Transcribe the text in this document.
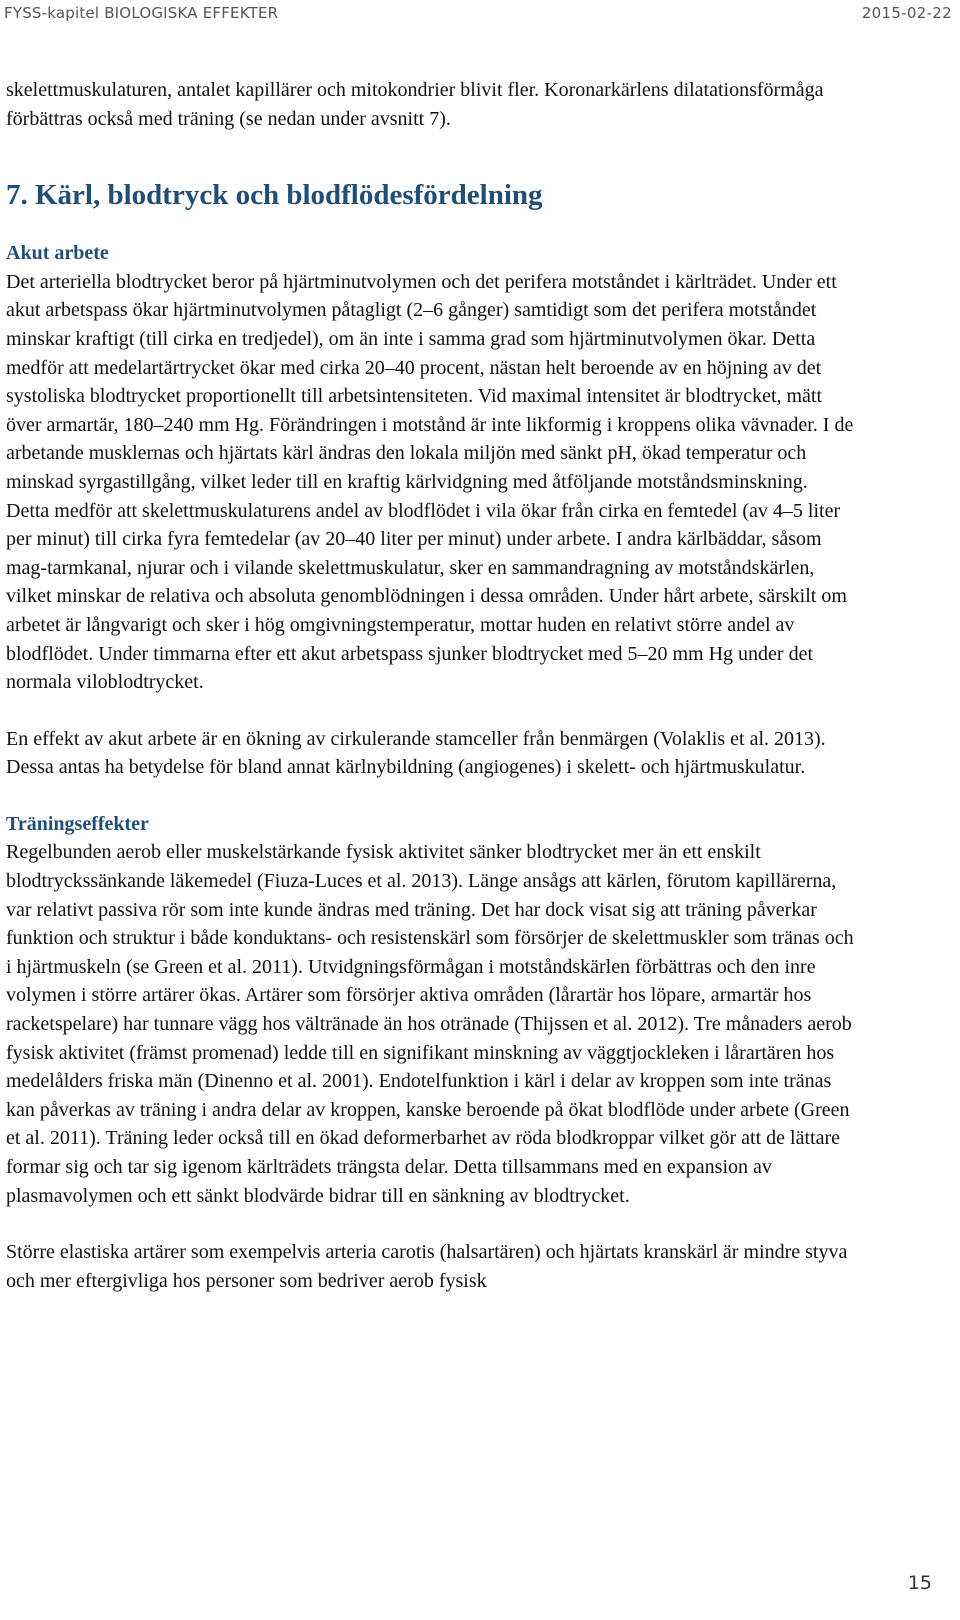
FYSS-kapitel BIOLOGISKA EFFEKTER	2015-02-22

skelettmuskulaturen, antalet kapillärer och mitokondrier blivit fler. Koronarkärlens dilatationsförmåga förbättras också med träning (se nedan under avsnitt 7).

7. Kärl, blodtryck och blodflödesfördelning

Akut arbete

Det arteriella blodtrycket beror på hjärtminutvolymen och det perifera motståndet i kärlträdet. Under ett akut arbetspass ökar hjärtminutvolymen påtagligt (2–6 gånger) samtidigt som det perifera motståndet minskar kraftigt (till cirka en tredjedel), om än inte i samma grad som hjärtminutvolymen ökar. Detta medför att medelartärtrycket ökar med cirka 20–40 procent, nästan helt beroende av en höjning av det systoliska blodtrycket proportionellt till arbetsintensiteten. Vid maximal intensitet är blodtrycket, mätt över armartär, 180–240 mm Hg. Förändringen i motstånd är inte likformig i kroppens olika vävnader. I de arbetande musklernas och hjärtats kärl ändras den lokala miljön med sänkt pH, ökad temperatur och minskad syrgastillgång, vilket leder till en kraftig kärlvidgning med åtföljande motståndsminskning. Detta medför att skelettmuskulaturens andel av blodflödet i vila ökar från cirka en femtedel (av 4–5 liter per minut) till cirka fyra femtedelar (av 20–40 liter per minut) under arbete. I andra kärlbäddar, såsom mag-tarmkanal, njurar och i vilande skelettmuskulatur, sker en sammandragning av motståndskärlen, vilket minskar de relativa och absoluta genomblödningen i dessa områden. Under hårt arbete, särskilt om arbetet är långvarigt och sker i hög omgivningstemperatur, mottar huden en relativt större andel av blodflödet. Under timmarna efter ett akut arbetspass sjunker blodtrycket med 5–20 mm Hg under det normala viloblodtrycket.

En effekt av akut arbete är en ökning av cirkulerande stamceller från benmärgen (Volaklis et al. 2013). Dessa antas ha betydelse för bland annat kärlnybildning (angiogenes) i skelett- och hjärtmuskulatur.

Träningseffekter

Regelbunden aerob eller muskelstärkande fysisk aktivitet sänker blodtrycket mer än ett enskilt blodtryckssänkande läkemedel (Fiuza-Luces et al. 2013). Länge ansågs att kärlen, förutom kapillärerna, var relativt passiva rör som inte kunde ändras med träning. Det har dock visat sig att träning påverkar funktion och struktur i både konduktans- och resistenskärl som försörjer de skelettmuskler som tränas och i hjärtmuskeln (se Green et al. 2011). Utvidgningsförmågan i motståndskärlen förbättras och den inre volymen i större artärer ökas. Artärer som försörjer aktiva områden (lårartär hos löpare, armartär hos racketspelare) har tunnare vägg hos vältränade än hos otränade (Thijssen et al. 2012). Tre månaders aerob fysisk aktivitet (främst promenad) ledde till en signifikant minskning av väggtjockleken i lårartären hos medelålders friska män (Dinenno et al. 2001). Endotelfunktion i kärl i delar av kroppen som inte tränas kan påverkas av träning i andra delar av kroppen, kanske beroende på ökat blodflöde under arbete (Green et al. 2011). Träning leder också till en ökad deformerbarhet av röda blodkroppar vilket gör att de lättare formar sig och tar sig igenom kärlträdets trängsta delar. Detta tillsammans med en expansion av plasmavolymen och ett sänkt blodvärde bidrar till en sänkning av blodtrycket.

Större elastiska artärer som exempelvis arteria carotis (halsartären) och hjärtats kranskärl är mindre styva och mer eftergivliga hos personer som bedriver aerob fysisk

15
